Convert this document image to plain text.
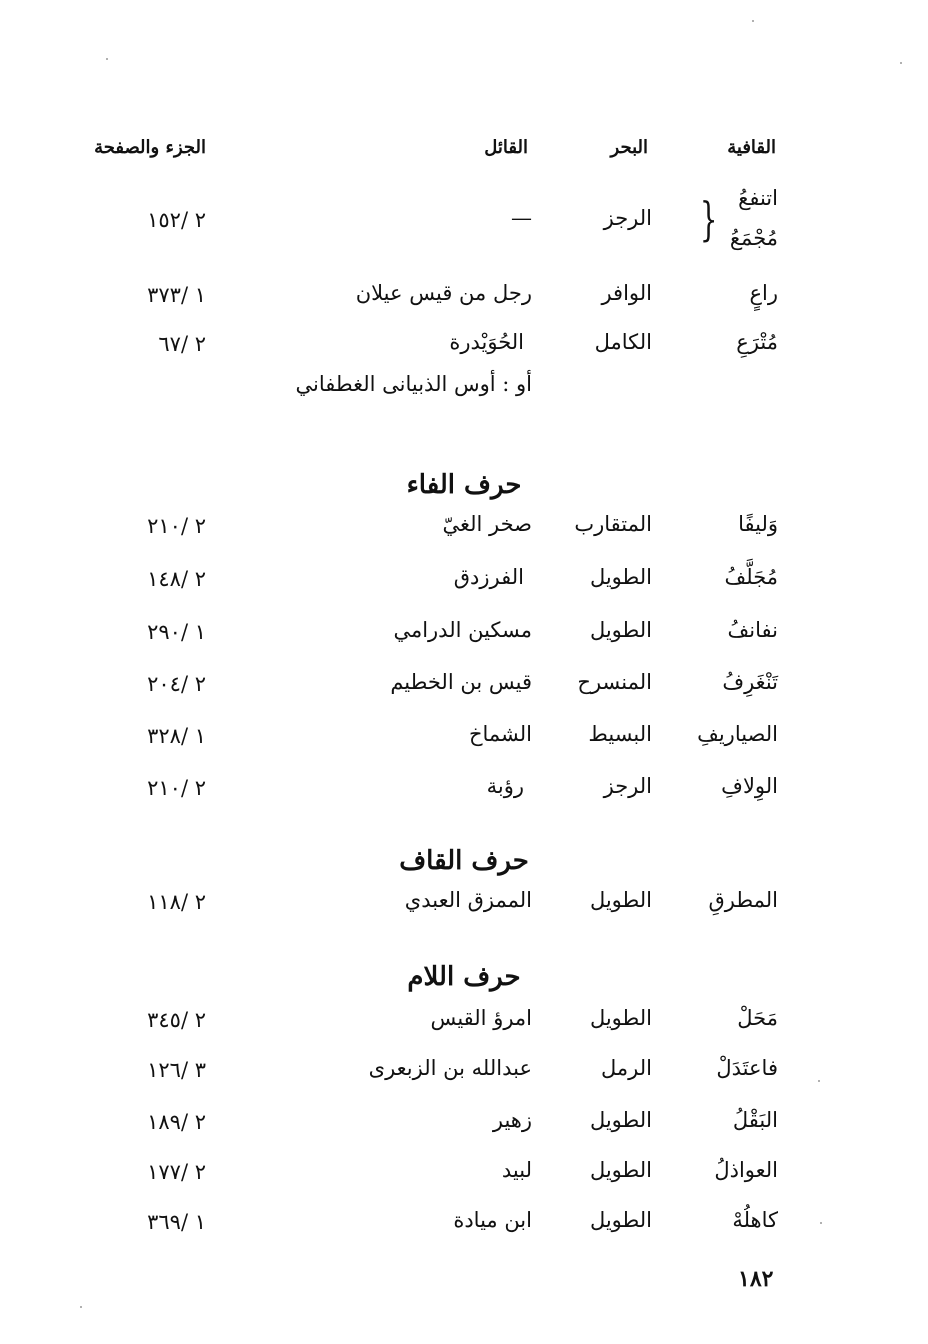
القافية
البحر
القائل
الجزء والصفحة
اتنفعُ
مُجْمَعُ
}
الرجز
—
٢ /١٥٢
راعٍ
الوافر
رجل من قيس عيلان
١ /٣٧٣
مُتْرَعِ
الكامل
الحُوَيْدرة
٢ /٦٧
أو : أوس الذبيانى الغطفاني
حرف الفاء
وَليفًا
المتقارب
صخر الغيّ
٢ /٢١٠
مُجَلَّفُ
الطويل
الفرزدق
٢ /١٤٨
نفانفُ
الطويل
مسكين الدرامي
١ /٢٩٠
تَنْغَرِفُ
المنسرح
قيس بن الخطيم
٢ /٢٠٤
الصياريفِ
البسيط
الشماخ
١ /٣٢٨
الوِلافِ
الرجز
رؤبة
٢ /٢١٠
حرف القاف
المطرقِ
الطويل
الممزق العبدي
٢ /١١٨
حرف اللام
مَحَلْ
الطويل
امرؤ القيس
٢ /٣٤٥
فاعتَدَلْ
الرمل
عبدالله بن الزبعرى
٣ /١٢٦
البَقْلُ
الطويل
زهير
٢ /١٨٩
العواذلُ
الطويل
لبيد
٢ /١٧٧
كاهلُهْ
الطويل
ابن ميادة
١ /٣٦٩
١٨٢
